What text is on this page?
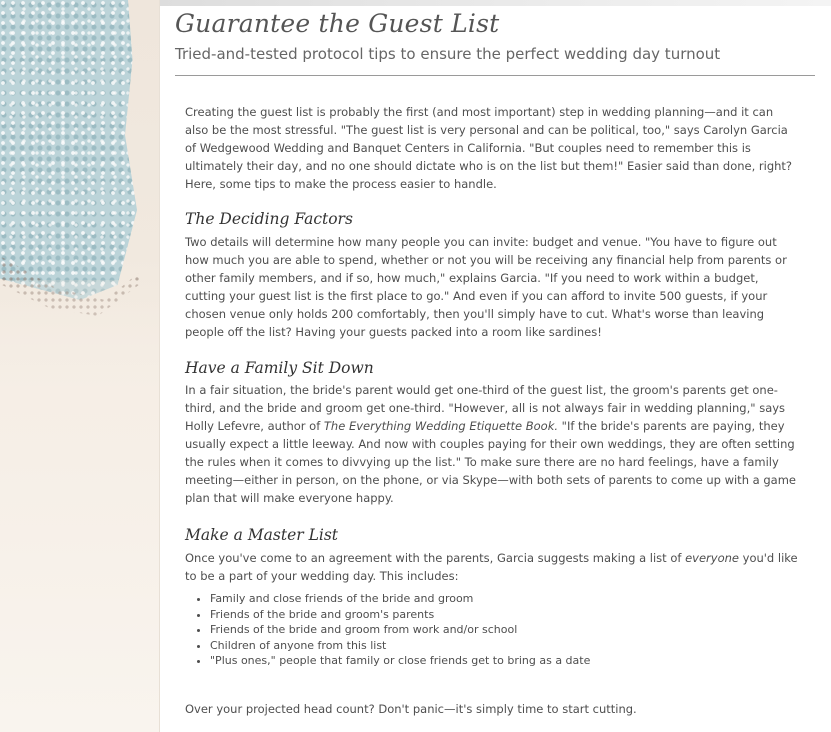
Guarantee the Guest List

Tried-and-tested protocol tips to ensure the perfect wedding day turnout

Creating the guest list is probably the first (and most important) step in wedding planning—and it can also be the most stressful. "The guest list is very personal and can be political, too," says Carolyn Garcia of Wedgewood Wedding and Banquet Centers in California. "But couples need to remember this is ultimately their day, and no one should dictate who is on the list but them!" Easier said than done, right? Here, some tips to make the process easier to handle.

The Deciding Factors

Two details will determine how many people you can invite: budget and venue. "You have to figure out how much you are able to spend, whether or not you will be receiving any financial help from parents or other family members, and if so, how much," explains Garcia. "If you need to work within a budget, cutting your guest list is the first place to go." And even if you can afford to invite 500 guests, if your chosen venue only holds 200 comfortably, then you'll simply have to cut. What's worse than leaving people off the list? Having your guests packed into a room like sardines!

Have a Family Sit Down

In a fair situation, the bride's parent would get one-third of the guest list, the groom's parents get one-third, and the bride and groom get one-third. "However, all is not always fair in wedding planning," says Holly Lefevre, author of The Everything Wedding Etiquette Book. "If the bride's parents are paying, they usually expect a little leeway. And now with couples paying for their own weddings, they are often setting the rules when it comes to divvying up the list." To make sure there are no hard feelings, have a family meeting—either in person, on the phone, or via Skype—with both sets of parents to come up with a game plan that will make everyone happy.

Make a Master List

Once you've come to an agreement with the parents, Garcia suggests making a list of everyone you'd like to be a part of your wedding day. This includes:

• Family and close friends of the bride and groom
• Friends of the bride and groom's parents
• Friends of the bride and groom from work and/or school
• Children of anyone from this list
• "Plus ones," people that family or close friends get to bring as a date

Over your projected head count? Don't panic—it's simply time to start cutting.
